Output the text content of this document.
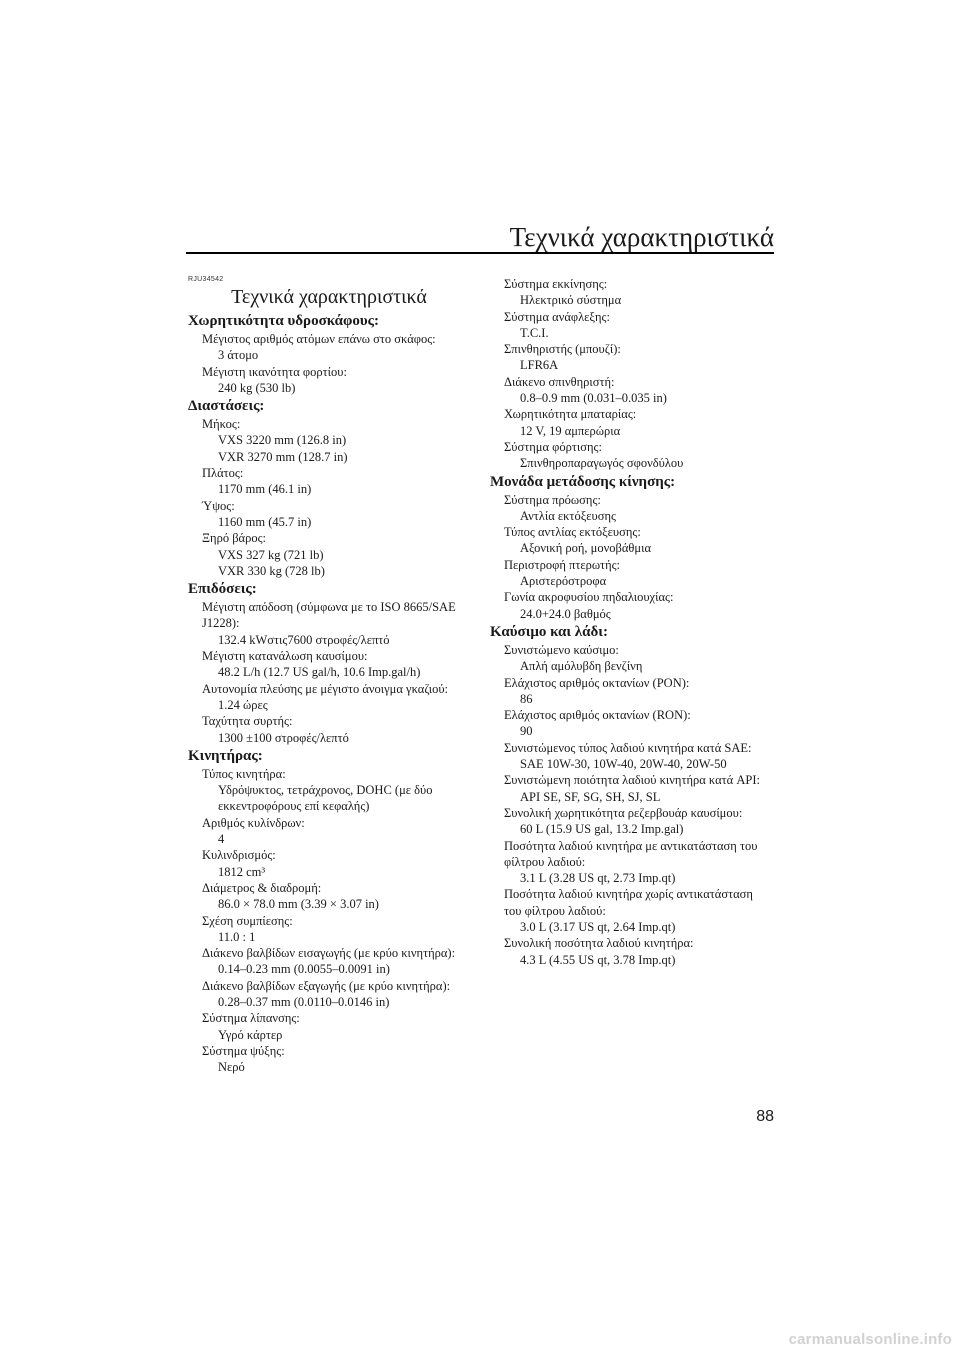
Τεχνικά χαρακτηριστικά
RJU34542
Τεχνικά χαρακτηριστικά
Χωρητικότητα υδροσκάφους:
Μέγιστος αριθμός ατόμων επάνω στο σκάφος:
3 άτομο
Μέγιστη ικανότητα φορτίου:
240 kg (530 lb)
Διαστάσεις:
Μήκος:
VXS 3220 mm (126.8 in)
VXR 3270 mm (128.7 in)
Πλάτος:
1170 mm (46.1 in)
Ύψος:
1160 mm (45.7 in)
Ξηρό βάρος:
VXS 327 kg (721 lb)
VXR 330 kg (728 lb)
Επιδόσεις:
Μέγιστη απόδοση (σύμφωνα με το ISO 8665/SAE
J1228):
132.4 kWστις7600 στροφές/λεπτό
Μέγιστη κατανάλωση καυσίμου:
48.2 L/h (12.7 US gal/h, 10.6 Imp.gal/h)
Αυτονομία πλεύσης με μέγιστο άνοιγμα γκαζιού:
1.24 ώρες
Ταχύτητα συρτής:
1300 ±100 στροφές/λεπτό
Κινητήρας:
Τύπος κινητήρα:
Υδρόψυκτος, τετράχρονος, DOHC (με δύο
εκκεντροφόρους επί κεφαλής)
Αριθμός κυλίνδρων:
4
Κυλινδρισμός:
1812 cm³
Διάμετρος & διαδρομή:
86.0 × 78.0 mm (3.39 × 3.07 in)
Σχέση συμπίεσης:
11.0 : 1
Διάκενο βαλβίδων εισαγωγής (με κρύο κινητήρα):
0.14–0.23 mm (0.0055–0.0091 in)
Διάκενο βαλβίδων εξαγωγής (με κρύο κινητήρα):
0.28–0.37 mm (0.0110–0.0146 in)
Σύστημα λίπανσης:
Υγρό κάρτερ
Σύστημα ψύξης:
Νερό
Σύστημα εκκίνησης:
Ηλεκτρικό σύστημα
Σύστημα ανάφλεξης:
T.C.I.
Σπινθηριστής (μπουζί):
LFR6A
Διάκενο σπινθηριστή:
0.8–0.9 mm (0.031–0.035 in)
Χωρητικότητα μπαταρίας:
12 V, 19 αμπερώρια
Σύστημα φόρτισης:
Σπινθηροπαραγωγός σφονδύλου
Μονάδα μετάδοσης κίνησης:
Σύστημα πρόωσης:
Αντλία εκτόξευσης
Τύπος αντλίας εκτόξευσης:
Αξονική ροή, μονοβάθμια
Περιστροφή πτερωτής:
Αριστερόστροφα
Γωνία ακροφυσίου πηδαλιουχίας:
24.0+24.0 βαθμός
Καύσιμο και λάδι:
Συνιστώμενο καύσιμο:
Απλή αμόλυβδη βενζίνη
Ελάχιστος αριθμός οκτανίων (PON):
86
Ελάχιστος αριθμός οκτανίων (RON):
90
Συνιστώμενος τύπος λαδιού κινητήρα κατά SAE:
SAE 10W-30, 10W-40, 20W-40, 20W-50
Συνιστώμενη ποιότητα λαδιού κινητήρα κατά API:
API SE, SF, SG, SH, SJ, SL
Συνολική χωρητικότητα ρεζερβουάρ καυσίμου:
60 L (15.9 US gal, 13.2 Imp.gal)
Ποσότητα λαδιού κινητήρα με αντικατάσταση του
φίλτρου λαδιού:
3.1 L (3.28 US qt, 2.73 Imp.qt)
Ποσότητα λαδιού κινητήρα χωρίς αντικατάσταση
του φίλτρου λαδιού:
3.0 L (3.17 US qt, 2.64 Imp.qt)
Συνολική ποσότητα λαδιού κινητήρα:
4.3 L (4.55 US qt, 3.78 Imp.qt)
88
carmanualsonline.info
